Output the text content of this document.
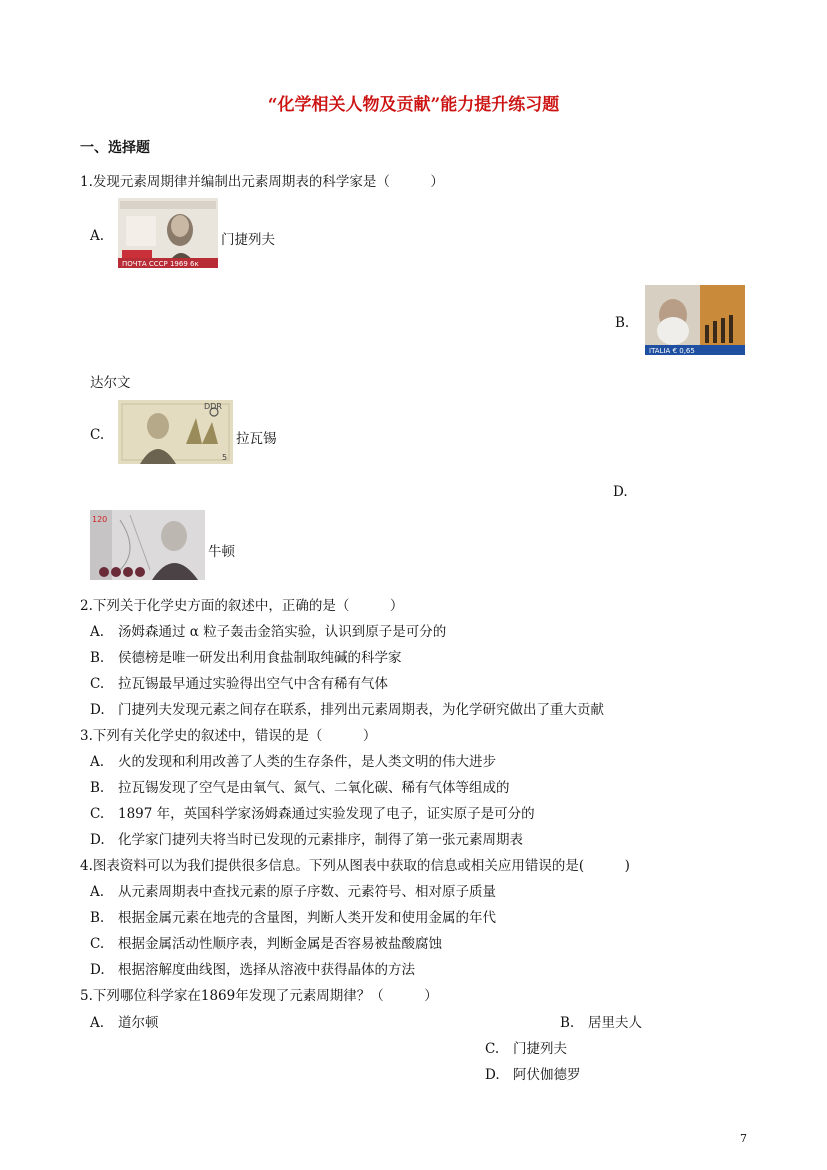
“化学相关人物及贡献”能力提升练习题
一、选择题
1.发现元素周期律并编制出元素周期表的科学家是（　　　）
A.
ПОЧТА СССР 1969 6к
门捷列夫
B.
ITALIA € 0,65
达尔文
C.
DDR
5
拉瓦锡
D.
120
牛顿
2.下列关于化学史方面的叙述中，正确的是（　　　）
A. 汤姆森通过 α 粒子轰击金箔实验，认识到原子是可分的
B. 侯德榜是唯一研发出利用食盐制取纯碱的科学家
C. 拉瓦锡最早通过实验得出空气中含有稀有气体
D. 门捷列夫发现元素之间存在联系，排列出元素周期表，为化学研究做出了重大贡献
3.下列有关化学史的叙述中，错误的是（　　　）
A. 火的发现和利用改善了人类的生存条件，是人类文明的伟大进步
B. 拉瓦锡发现了空气是由氧气、氮气、二氧化碳、稀有气体等组成的
C. 1897 年，英国科学家汤姆森通过实验发现了电子，证实原子是可分的
D. 化学家门捷列夫将当时已发现的元素排序，制得了第一张元素周期表
4.图表资料可以为我们提供很多信息。下列从图表中获取的信息或相关应用错误的是(　　　)
A. 从元素周期表中查找元素的原子序数、元素符号、相对原子质量
B. 根据金属元素在地壳的含量图，判断人类开发和使用金属的年代
C. 根据金属活动性顺序表，判断金属是否容易被盐酸腐蚀
D. 根据溶解度曲线图，选择从溶液中获得晶体的方法
5.下列哪位科学家在1869年发现了元素周期律？（　　　）
A. 道尔顿	B. 居里夫人
C. 门捷列夫
D. 阿伏伽德罗
7
